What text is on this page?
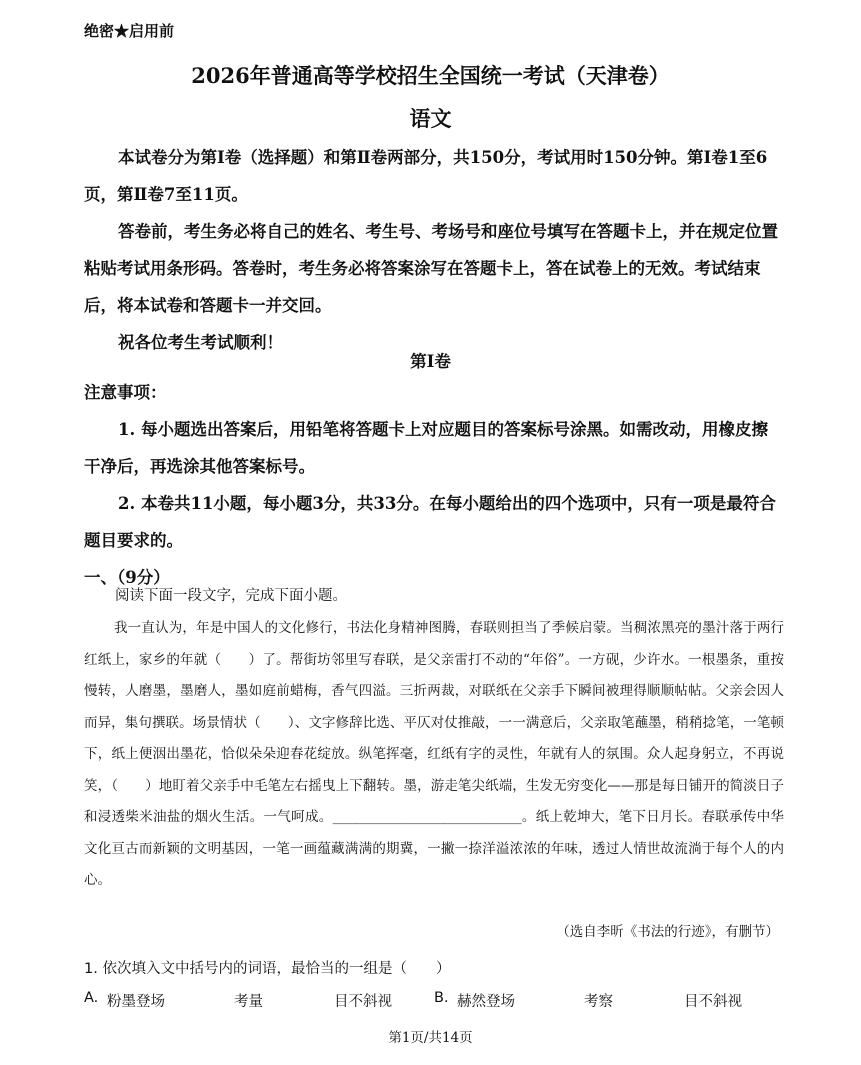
绝密★启用前
2026年普通高等学校招生全国统一考试（天津卷）
语文

本试卷分为第Ⅰ卷（选择题）和第Ⅱ卷两部分，共150分，考试用时150分钟。第Ⅰ卷1至6页，第Ⅱ卷7至11页。

答卷前，考生务必将自己的姓名、考生号、考场号和座位号填写在答题卡上，并在规定位置粘贴考试用条形码。答卷时，考生务必将答案涂写在答题卡上，答在试卷上的无效。考试结束后，将本试卷和答题卡一并交回。

祝各位考生考试顺利！

第Ⅰ卷

注意事项：

1. 每小题选出答案后，用铅笔将答题卡上对应题目的答案标号涂黑。如需改动，用橡皮擦干净后，再选涂其他答案标号。

2. 本卷共11小题，每小题3分，共33分。在每小题给出的四个选项中，只有一项是最符合题目要求的。

一、（9分）

阅读下面一段文字，完成下面小题。

我一直认为，年是中国人的文化修行，书法化身精神图腾，春联则担当了季候启蒙。当稠浓黑亮的墨汁落于两行红纸上，家乡的年就（　　）了。帮街坊邻里写春联，是父亲雷打不动的“年俗”。一方砚，少许水。一根墨条，重按慢转，人磨墨，墨磨人，墨如庭前蜡梅，香气四溢。三折两裁，对联纸在父亲手下瞬间被理得顺顺帖帖。父亲会因人而异，集句撰联。场景情状（　　）、文字修辞比选、平仄对仗推敲，一一满意后，父亲取笔蘸墨，稍稍捻笔，一笔顿下，纸上便洇出墨花，恰似朵朵迎春花绽放。纵笔挥毫，红纸有字的灵性，年就有人的氛围。众人起身躬立，不再说笑，（　　）地盯着父亲手中毛笔左右摇曳上下翻转。墨，游走笔尖纸端，生发无穷变化——那是每日铺开的简淡日子和浸透柴米油盐的烟火生活。一气呵成。____________________________。纸上乾坤大，笔下日月长。春联承传中华文化亘古而新颖的文明基因，一笔一画蕴藏满满的期冀，一撇一捺洋溢浓浓的年味，透过人情世故流淌于每个人的内心。

（选自李昕《书法的行迹》，有删节）
1. 依次填入文中括号内的词语，最恰当的一组是（　　）
A. 粉墨登场	考量	目不斜视	B. 赫然登场	考察	目不斜视
第1页/共14页
